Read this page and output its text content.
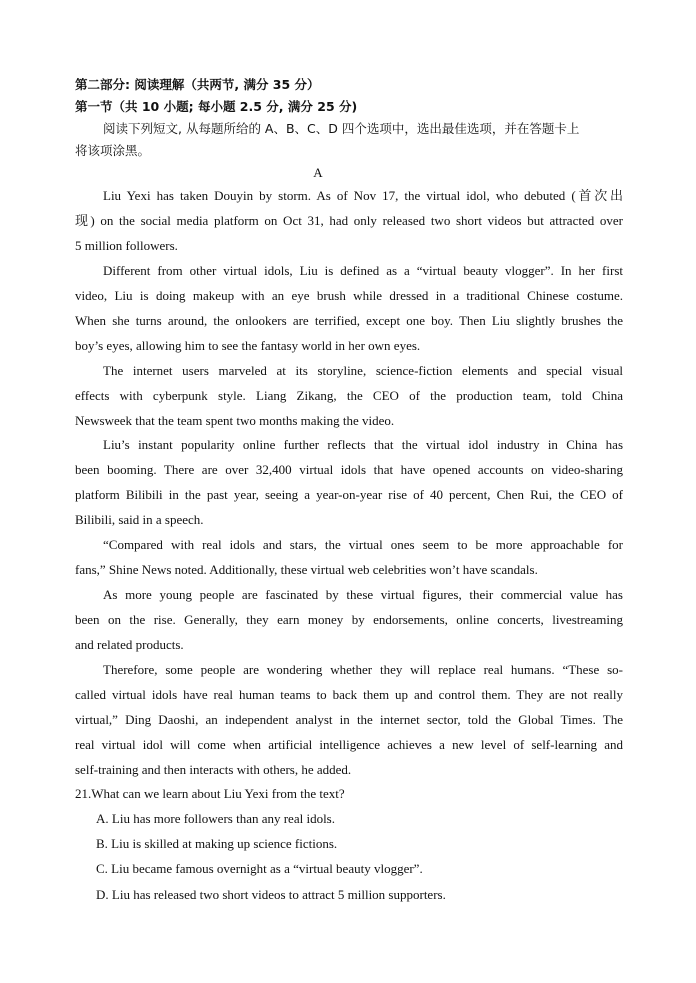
第二部分: 阅读理解（共两节, 满分 35 分）
第一节（共 10 小题; 每小题 2.5 分, 满分 25 分)
阅读下列短文, 从每题所给的 A、B、C、D 四个选项中，选出最佳选项，并在答题卡上
将该项涂黑。
A
Liu Yexi has taken Douyin by storm. As of Nov 17, the virtual idol, who debuted (首次出
现) on the social media platform on Oct 31, had only released two short videos but attracted over
5 million followers.
Different from other virtual idols, Liu is defined as a “virtual beauty vlogger”. In her first
video, Liu is doing makeup with an eye brush while dressed in a traditional Chinese costume.
When she turns around, the onlookers are terrified, except one boy. Then Liu slightly brushes the
boy’s eyes, allowing him to see the fantasy world in her own eyes.
The internet users marveled at its storyline, science-fiction elements and special visual
effects with cyberpunk style. Liang Zikang, the CEO of the production team, told China
Newsweek that the team spent two months making the video.
Liu’s instant popularity online further reflects that the virtual idol industry in China has
been booming. There are over 32,400 virtual idols that have opened accounts on video-sharing
platform Bilibili in the past year, seeing a year-on-year rise of 40 percent, Chen Rui, the CEO of
Bilibili, said in a speech.
“Compared with real idols and stars, the virtual ones seem to be more approachable for
fans,” Shine News noted. Additionally, these virtual web celebrities won’t have scandals.
As more young people are fascinated by these virtual figures, their commercial value has
been on the rise. Generally, they earn money by endorsements, online concerts, livestreaming
and related products.
Therefore, some people are wondering whether they will replace real humans. “These so-
called virtual idols have real human teams to back them up and control them. They are not really
virtual,” Ding Daoshi, an independent analyst in the internet sector, told the Global Times. The
real virtual idol will come when artificial intelligence achieves a new level of self-learning and
self-training and then interacts with others, he added.
21.What can we learn about Liu Yexi from the text?
A. Liu has more followers than any real idols.
B. Liu is skilled at making up science fictions.
C. Liu became famous overnight as a “virtual beauty vlogger”.
D. Liu has released two short videos to attract 5 million supporters.
